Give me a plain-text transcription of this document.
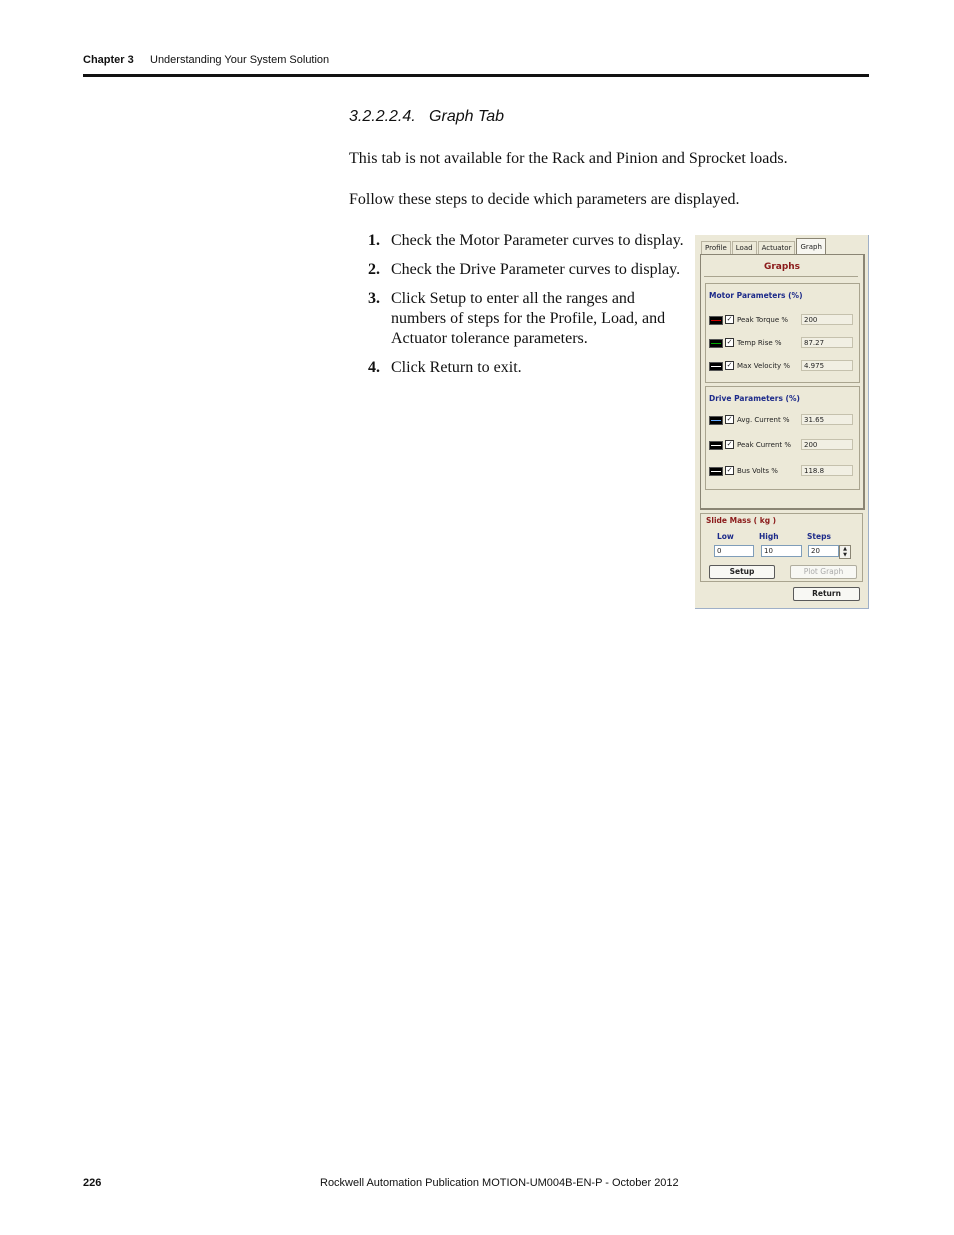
Chapter 3 Understanding Your System Solution
3.2.2.2.4.   Graph Tab
This tab is not available for the Rack and Pinion and Sprocket loads.
Follow these steps to decide which parameters are displayed.
1. Check the Motor Parameter curves to display.
2. Check the Drive Parameter curves to display.
3. Click Setup to enter all the ranges and numbers of steps for the Profile, Load, and Actuator tolerance parameters.
4. Click Return to exit.
Profile	Load	Actuator	Graph
Graphs
Motor Parameters (%)
✓ Peak Torque %	200
✓ Temp Rise %	87.27
✓ Max Velocity %	4.975
Drive Parameters (%)
✓ Avg. Current %	31.65
✓ Peak Current %	200
✓ Bus Volts %	118.8
Slide Mass ( kg )
Low	High	Steps
0	10	20	▲
▼
Setup	Plot Graph
Return
226	Rockwell Automation Publication MOTION-UM004B-EN-P - October 2012
